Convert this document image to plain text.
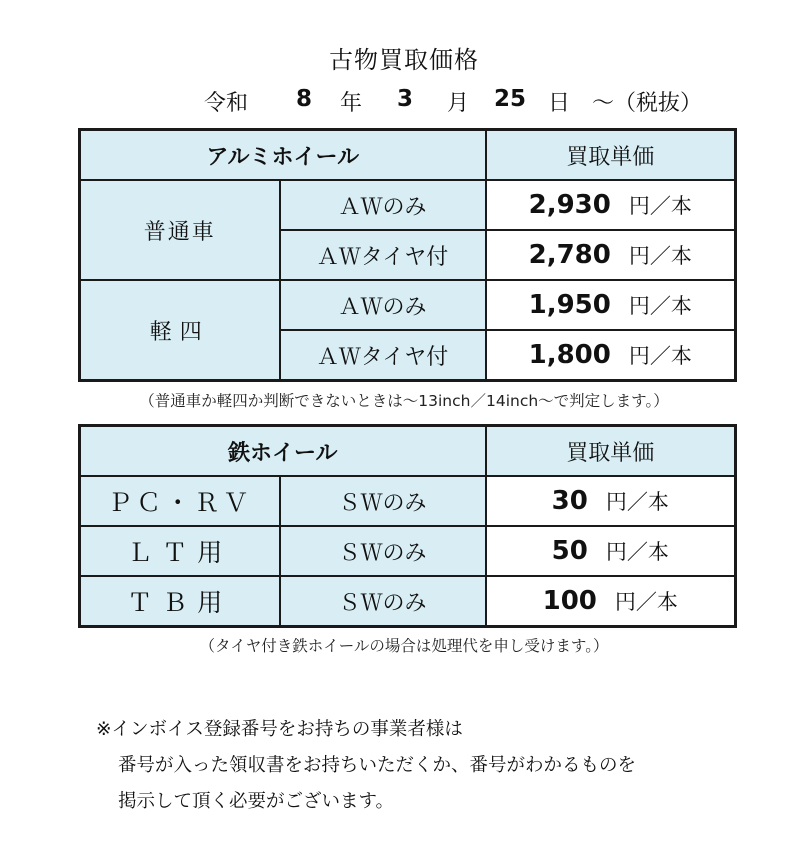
古物買取価格
令和 8 年 3 月 25 日 ～（税抜）
アルミホイール		買取単価
普通車	ＡＷのみ	2,930 円／本
	ＡＷタイヤ付	2,780 円／本
軽四	ＡＷのみ	1,950 円／本
	ＡＷタイヤ付	1,800 円／本
（普通車か軽四か判断できないときは～13inch／14inch～で判定します。）
鉄ホイール		買取単価
ＰＣ・ＲＶ	ＳＷのみ	30 円／本
ＬＴ用	ＳＷのみ	50 円／本
ＴＢ用	ＳＷのみ	100 円／本
（タイヤ付き鉄ホイールの場合は処理代を申し受けます。）
※インボイス登録番号をお持ちの事業者様は
番号が入った領収書をお持ちいただくか、番号がわかるものを
掲示して頂く必要がございます。
